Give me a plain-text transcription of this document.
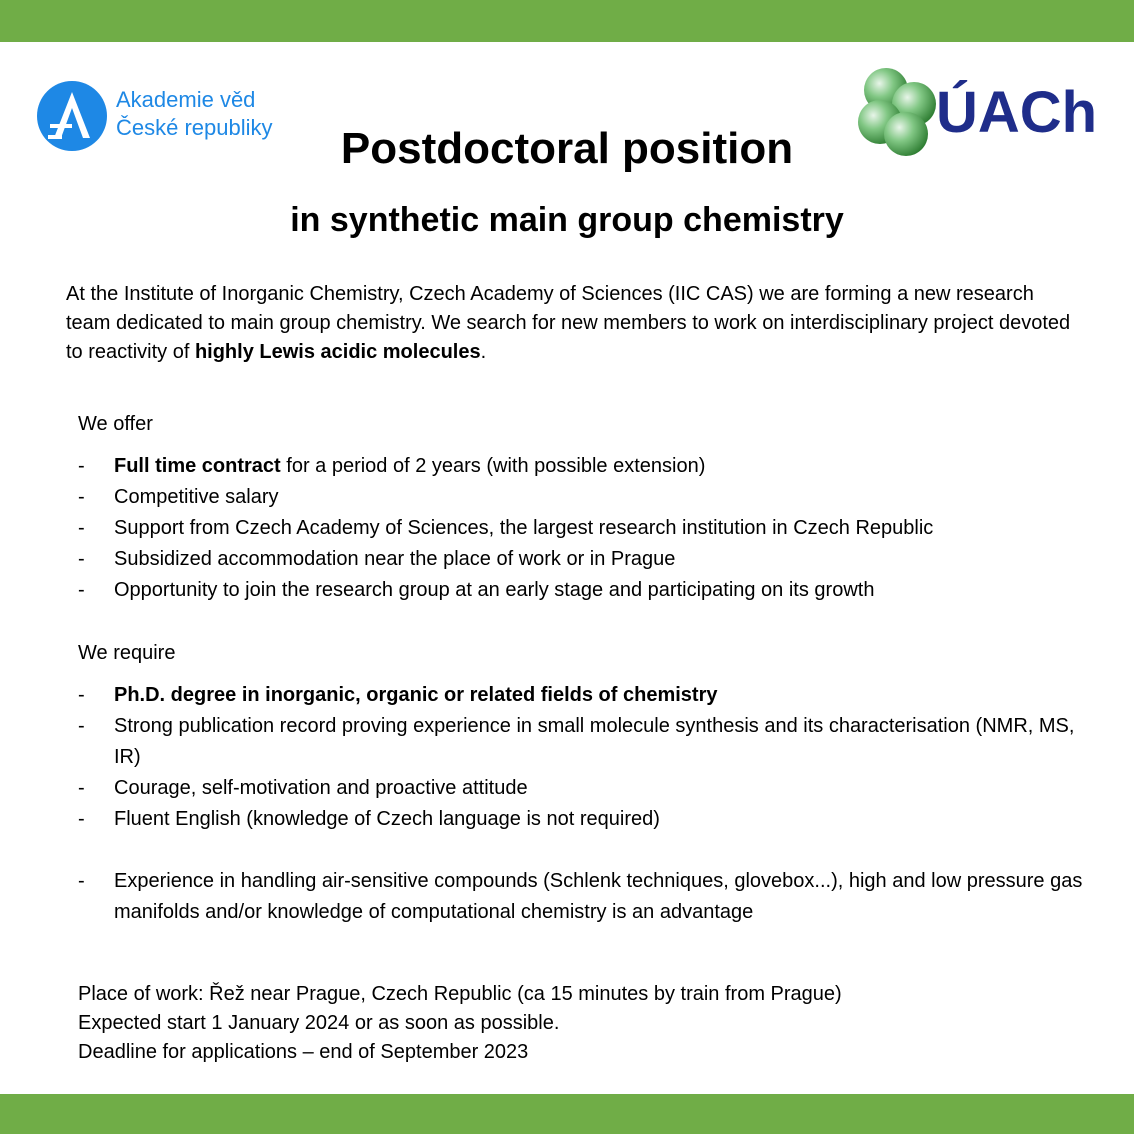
Akademie věd
České republiky	ÚACh
Postdoctoral position
in synthetic main group chemistry
At the Institute of Inorganic Chemistry, Czech Academy of Sciences (IIC CAS) we are forming a new research team dedicated to main group chemistry. We search for new members to work on interdisciplinary project devoted to reactivity of highly Lewis acidic molecules.
We offer
- Full time contract for a period of 2 years (with possible extension)
- Competitive salary
- Support from Czech Academy of Sciences, the largest research institution in Czech Republic
- Subsidized accommodation near the place of work or in Prague
- Opportunity to join the research group at an early stage and participating on its growth
We require
- Ph.D. degree in inorganic, organic or related fields of chemistry
- Strong publication record proving experience in small molecule synthesis and its characterisation (NMR, MS, IR)
- Courage, self-motivation and proactive attitude
- Fluent English (knowledge of Czech language is not required)
- Experience in handling air-sensitive compounds (Schlenk techniques, glovebox...), high and low pressure gas manifolds and/or knowledge of computational chemistry is an advantage
Place of work: Řež near Prague, Czech Republic (ca 15 minutes by train from Prague)
Expected start 1 January 2024 or as soon as possible.
Deadline for applications – end of September 2023
